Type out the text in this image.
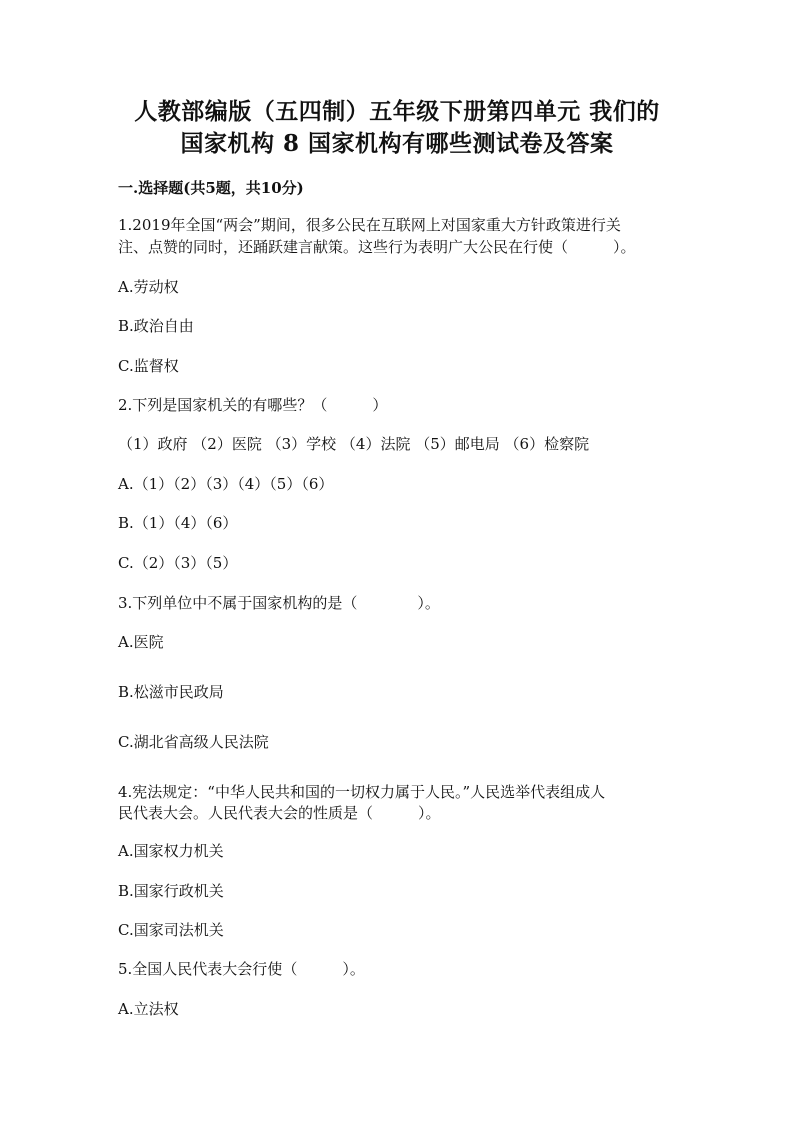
人教部编版（五四制）五年级下册第四单元 我们的
国家机构 8 国家机构有哪些测试卷及答案
一.选择题(共5题，共10分)
1.2019年全国“两会”期间，很多公民在互联网上对国家重大方针政策进行关
注、点赞的同时，还踊跃建言献策。这些行为表明广大公民在行使（　　　）。
A.劳动权
B.政治自由
C.监督权
2.下列是国家机关的有哪些？（　　　）
（1）政府 （2）医院 （3）学校 （4）法院 （5）邮电局 （6）检察院
A.（1）（2）（3）（4）（5）（6）
B.（1）（4）（6）
C.（2）（3）（5）
3.下列单位中不属于国家机构的是（　　　　）。
A.医院
B.松滋市民政局
C.湖北省高级人民法院
4.宪法规定：“中华人民共和国的一切权力属于人民。”人民选举代表组成人
民代表大会。人民代表大会的性质是（　　　）。
A.国家权力机关
B.国家行政机关
C.国家司法机关
5.全国人民代表大会行使（　　　）。
A.立法权
